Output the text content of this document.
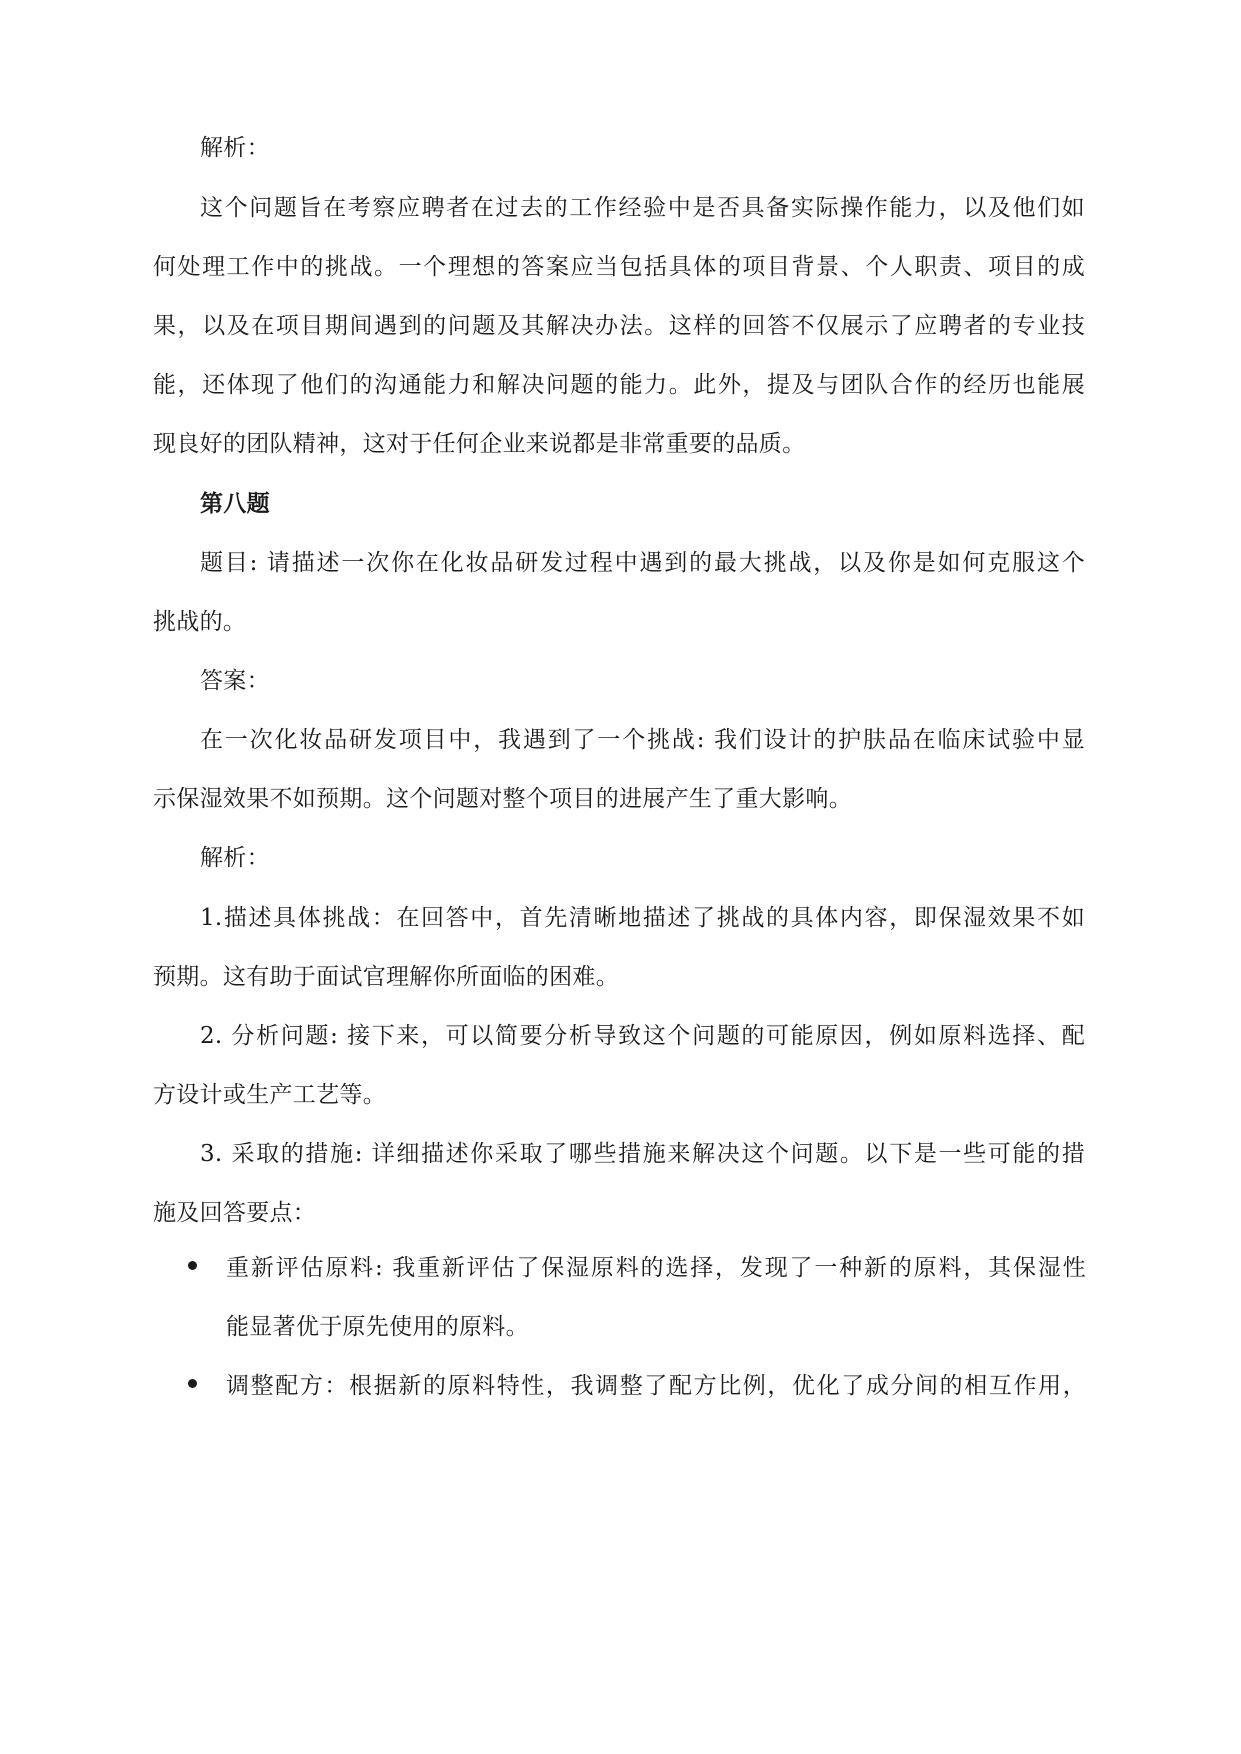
解析：
这个问题旨在考察应聘者在过去的工作经验中是否具备实际操作能力，以及他们如
何处理工作中的挑战。一个理想的答案应当包括具体的项目背景、个人职责、项目的成
果，以及在项目期间遇到的问题及其解决办法。这样的回答不仅展示了应聘者的专业技
能，还体现了他们的沟通能力和解决问题的能力。此外，提及与团队合作的经历也能展
现良好的团队精神，这对于任何企业来说都是非常重要的品质。
第八题
题目: 请描述一次你在化妆品研发过程中遇到的最大挑战，以及你是如何克服这个
挑战的。
答案：
在一次化妆品研发项目中，我遇到了一个挑战: 我们设计的护肤品在临床试验中显
示保湿效果不如预期。这个问题对整个项目的进展产生了重大影响。
解析：
1.描述具体挑战：在回答中，首先清晰地描述了挑战的具体内容，即保湿效果不如
预期。这有助于面试官理解你所面临的困难。
2. 分析问题: 接下来，可以简要分析导致这个问题的可能原因，例如原料选择、配
方设计或生产工艺等。
3. 采取的措施: 详细描述你采取了哪些措施来解决这个问题。以下是一些可能的措
施及回答要点：
重新评估原料: 我重新评估了保湿原料的选择，发现了一种新的原料，其保湿性
能显著优于原先使用的原料。
调整配方：根据新的原料特性，我调整了配方比例，优化了成分间的相互作用，
